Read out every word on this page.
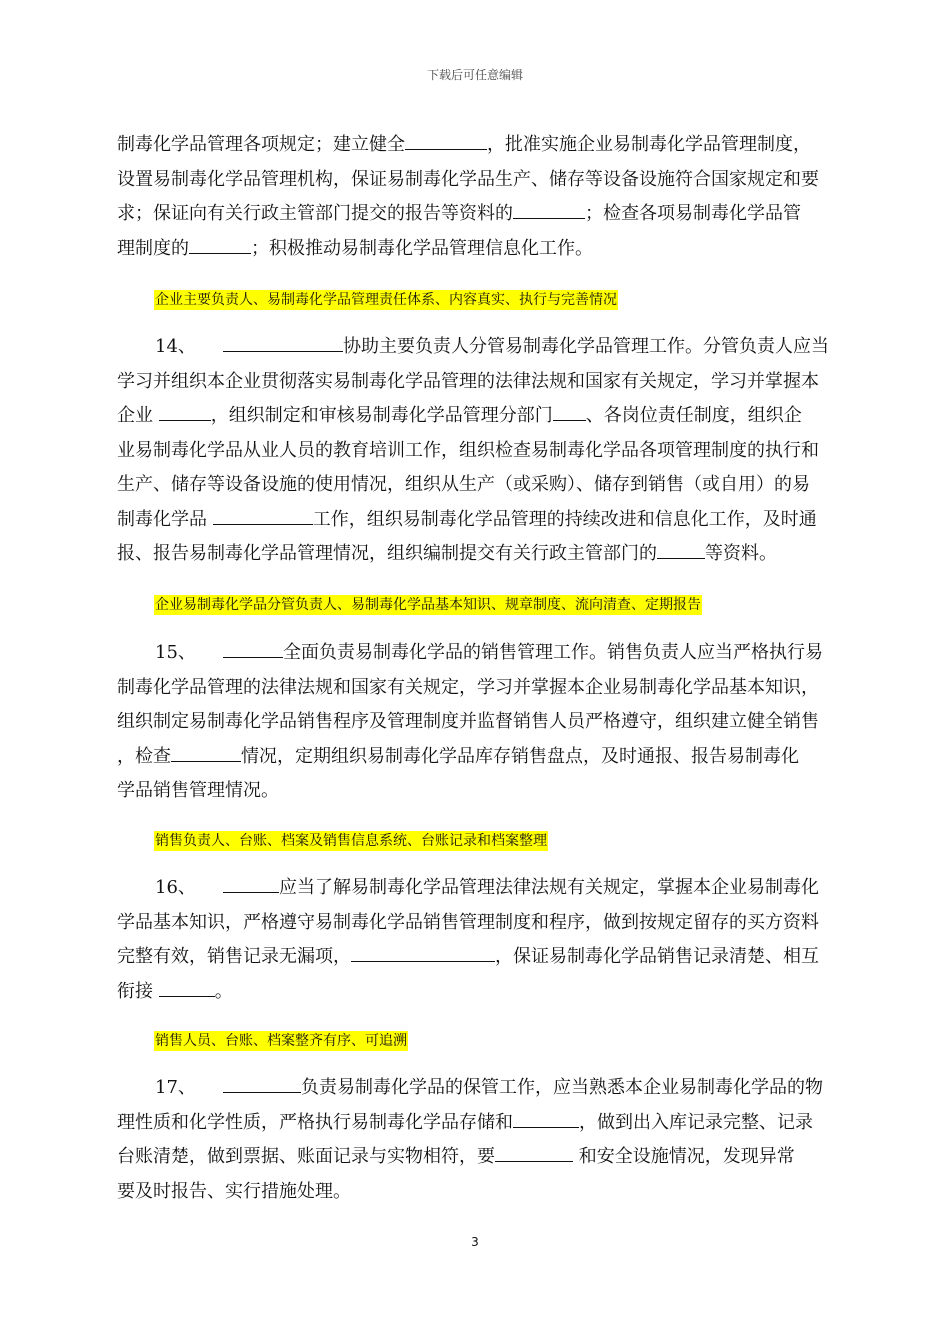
下载后可任意编辑
制毒化学品管理各项规定；建立健全	，批准实施企业易制毒化学品管理制度，
设置易制毒化学品管理机构，保证易制毒化学品生产、储存等设备设施符合国家规定和要
求；保证向有关行政主管部门提交的报告等资料的	；检查各项易制毒化学品管
理制度的	；积极推动易制毒化学品管理信息化工作。
企业主要负责人、易制毒化学品管理责任体系、内容真实、执行与完善情况
14、	协助主要负责人分管易制毒化学品管理工作。分管负责人应当
学习并组织本企业贯彻落实易制毒化学品管理的法律法规和国家有关规定，学习并掌握本
企业	，组织制定和审核易制毒化学品管理分部门 、各岗位责任制度，组织企
业易制毒化学品从业人员的教育培训工作，组织检查易制毒化学品各项管理制度的执行和
生产、储存等设备设施的使用情况，组织从生产（或采购）、储存到销售（或自用）的易
制毒化学品	工作，组织易制毒化学品管理的持续改进和信息化工作，及时通
报、报告易制毒化学品管理情况，组织编制提交有关行政主管部门的	等资料。
企业易制毒化学品分管负责人、易制毒化学品基本知识、规章制度、流向清查、定期报告
15、	全面负责易制毒化学品的销售管理工作。销售负责人应当严格执行易
制毒化学品管理的法律法规和国家有关规定，学习并掌握本企业易制毒化学品基本知识，
组织制定易制毒化学品销售程序及管理制度并监督销售人员严格遵守，组织建立健全销售
，检查	情况，定期组织易制毒化学品库存销售盘点，及时通报、报告易制毒化
学品销售管理情况。
销售负责人、台账、档案及销售信息系统、台账记录和档案整理
16、	应当了解易制毒化学品管理法律法规有关规定，掌握本企业易制毒化
学品基本知识，严格遵守易制毒化学品销售管理制度和程序，做到按规定留存的买方资料
完整有效，销售记录无漏项，	，保证易制毒化学品销售记录清楚、相互
衔接	。
销售人员、台账、档案整齐有序、可追溯
17、	负责易制毒化学品的保管工作，应当熟悉本企业易制毒化学品的物
理性质和化学性质，严格执行易制毒化学品存储和	，做到出入库记录完整、记录
台账清楚，做到票据、账面记录与实物相符，要	和安全设施情况，发现异常
要及时报告、实行措施处理。
3
